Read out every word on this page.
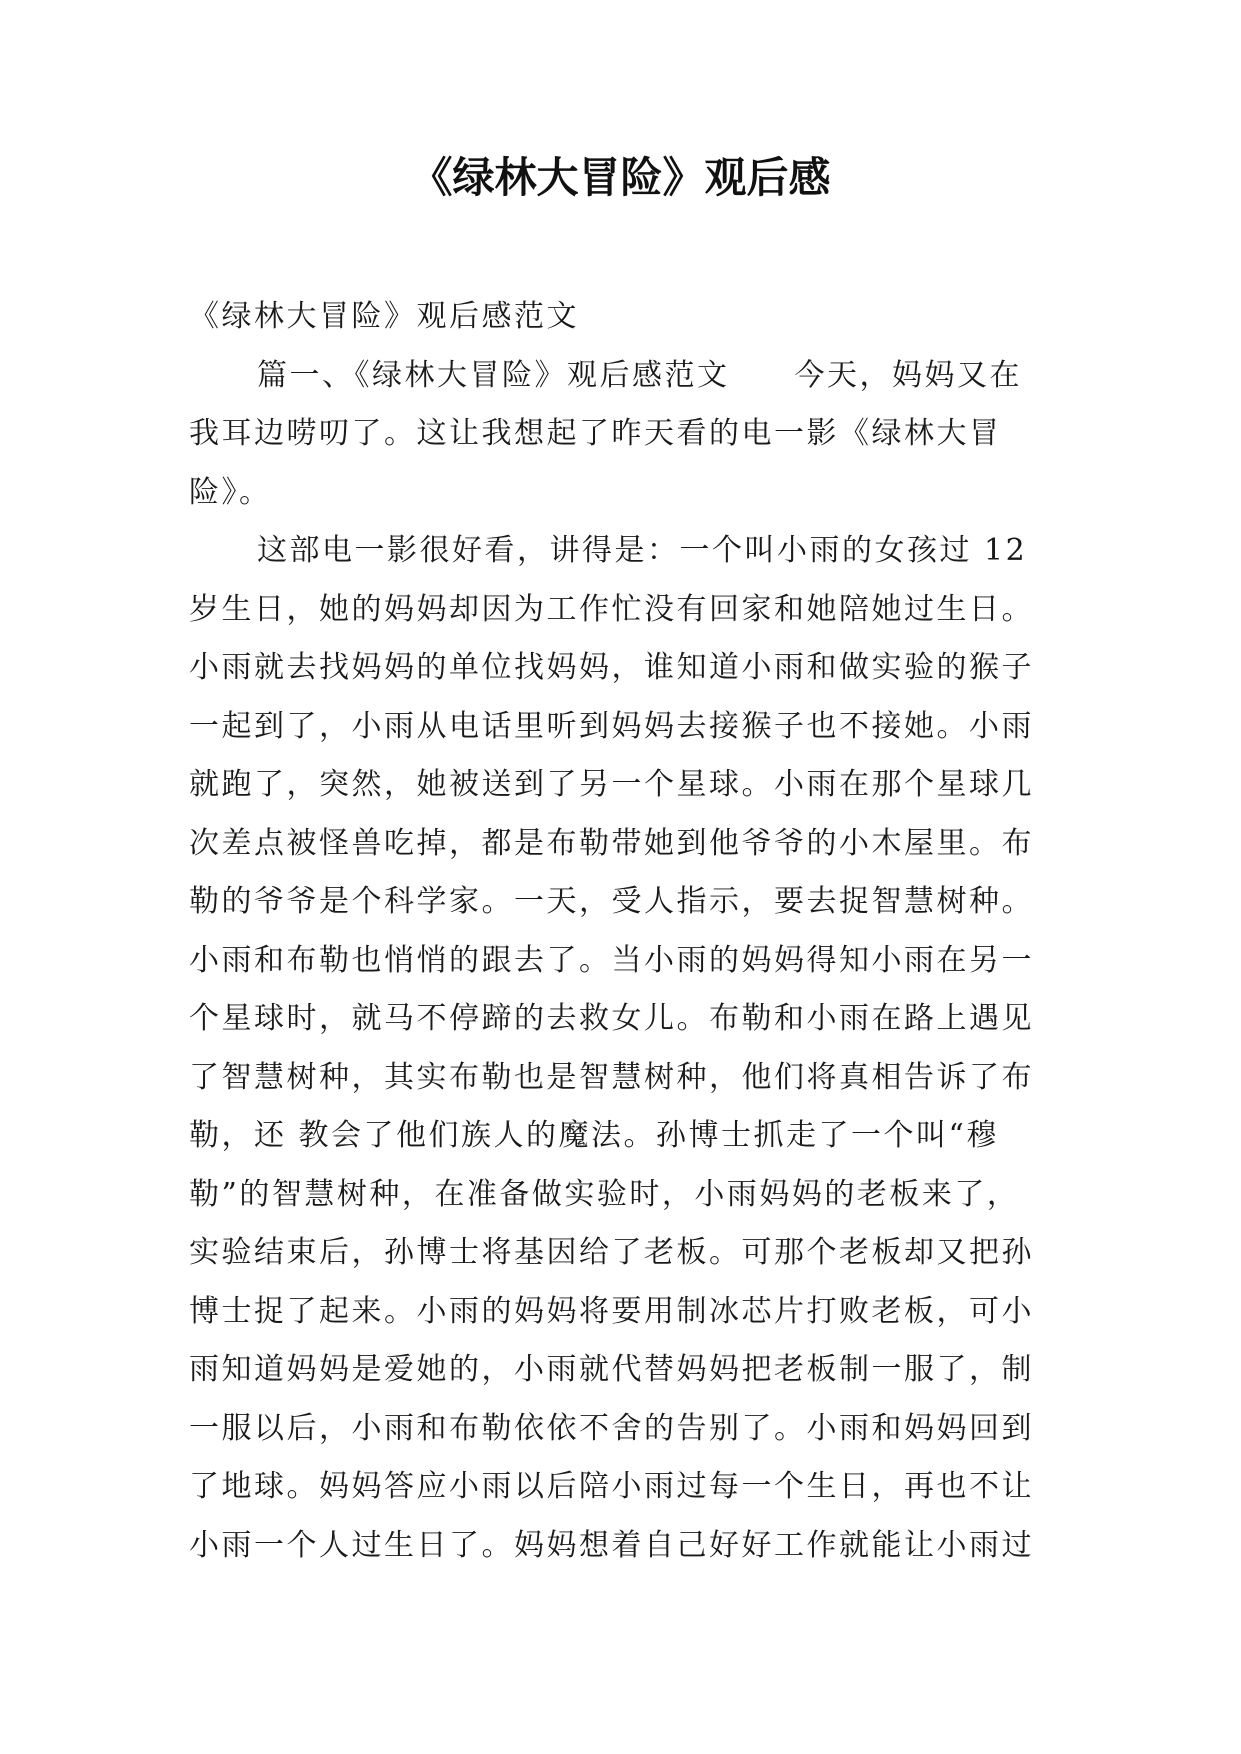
《绿林大冒险》观后感
《绿林大冒险》观后感范文
篇一、《绿林大冒险》观后感范文　　今天，妈妈又在
我耳边唠叨了。这让我想起了昨天看的电一影《绿林大冒
险》。
这部电一影很好看，讲得是：一个叫小雨的女孩过 12
岁生日，她的妈妈却因为工作忙没有回家和她陪她过生日。
小雨就去找妈妈的单位找妈妈，谁知道小雨和做实验的猴子
一起到了，小雨从电话里听到妈妈去接猴子也不接她。小雨
就跑了，突然，她被送到了另一个星球。小雨在那个星球几
次差点被怪兽吃掉，都是布勒带她到他爷爷的小木屋里。布
勒的爷爷是个科学家。一天，受人指示，要去捉智慧树种。
小雨和布勒也悄悄的跟去了。当小雨的妈妈得知小雨在另一
个星球时，就马不停蹄的去救女儿。布勒和小雨在路上遇见
了智慧树种，其实布勒也是智慧树种，他们将真相告诉了布
勒，还 教会了他们族人的魔法。孙博士抓走了一个叫“穆
勒”的智慧树种，在准备做实验时，小雨妈妈的老板来了，
实验结束后，孙博士将基因给了老板。可那个老板却又把孙
博士捉了起来。小雨的妈妈将要用制冰芯片打败老板，可小
雨知道妈妈是爱她的，小雨就代替妈妈把老板制一服了，制
一服以后，小雨和布勒依依不舍的告别了。小雨和妈妈回到
了地球。妈妈答应小雨以后陪小雨过每一个生日，再也不让
小雨一个人过生日了。妈妈想着自己好好工作就能让小雨过
